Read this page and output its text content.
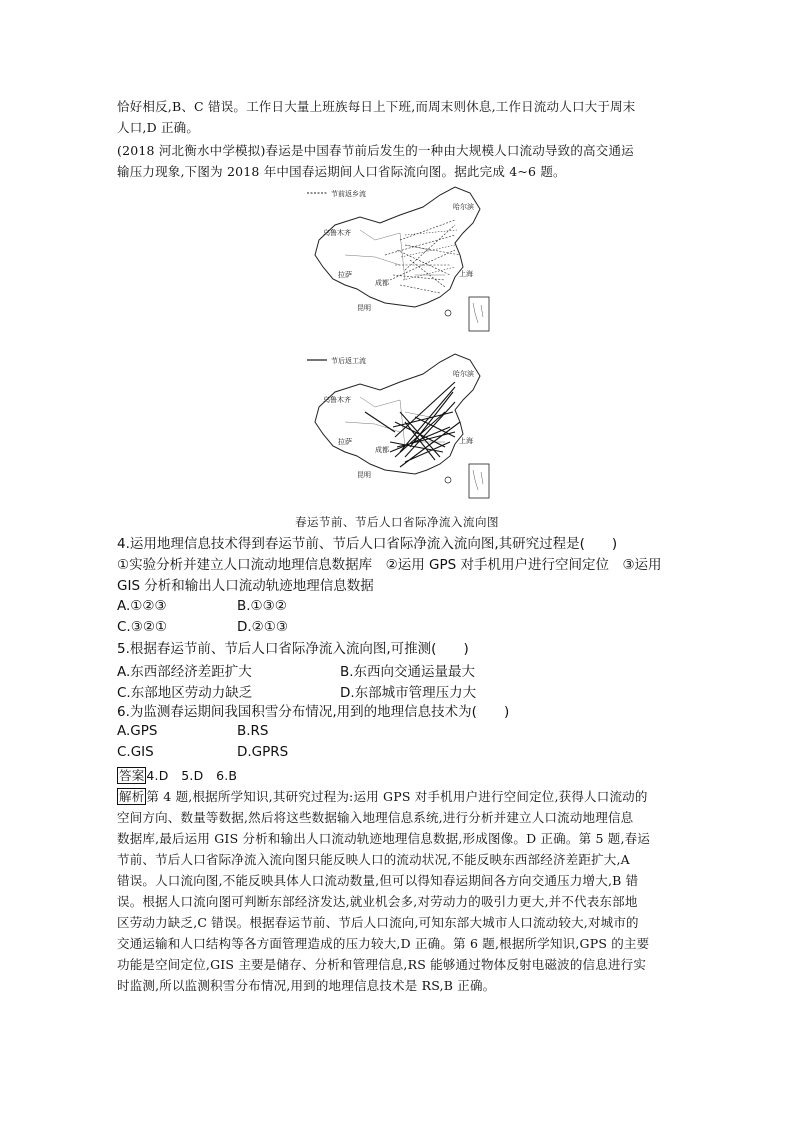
恰好相反,B、C 错误。工作日大量上班族每日上下班,而周末则休息,工作日流动人口大于周末
人口,D 正确。
(2018 河北衡水中学模拟)春运是中国春节前后发生的一种由大规模人口流动导致的高交通运
输压力现象,下图为 2018 年中国春运期间人口省际流向图。据此完成 4~6 题。
节前返乡流
哈尔滨
乌鲁木齐
拉萨
成都
上海
昆明
节后返工流
哈尔滨
乌鲁木齐
拉萨
成都
上海
昆明
春运节前、节后人口省际净流入流向图
4.运用地理信息技术得到春运节前、节后人口省际净流入流向图,其研究过程是(　　)
①实验分析并建立人口流动地理信息数据库　②运用 GPS 对手机用户进行空间定位　③运用
GIS 分析和输出人口流动轨迹地理信息数据
A.①②③	B.①③②
C.③②①	D.②①③
5.根据春运节前、节后人口省际净流入流向图,可推测(　　)
A.东西部经济差距扩大	B.东西向交通运量最大
C.东部地区劳动力缺乏	D.东部城市管理压力大
6.为监测春运期间我国积雪分布情况,用到的地理信息技术为(　　)
A.GPS	B.RS
C.GIS	D.GPRS
答案 4.D　5.D　6.B
解析 第 4 题,根据所学知识,其研究过程为:运用 GPS 对手机用户进行空间定位,获得人口流动的
空间方向、数量等数据,然后将这些数据输入地理信息系统,进行分析并建立人口流动地理信息
数据库,最后运用 GIS 分析和输出人口流动轨迹地理信息数据,形成图像。D 正确。第 5 题,春运
节前、节后人口省际净流入流向图只能反映人口的流动状况,不能反映东西部经济差距扩大,A
错误。人口流向图,不能反映具体人口流动数量,但可以得知春运期间各方向交通压力增大,B 错
误。根据人口流向图可判断东部经济发达,就业机会多,对劳动力的吸引力更大,并不代表东部地
区劳动力缺乏,C 错误。根据春运节前、节后人口流向,可知东部大城市人口流动较大,对城市的
交通运输和人口结构等各方面管理造成的压力较大,D 正确。第 6 题,根据所学知识,GPS 的主要
功能是空间定位,GIS 主要是储存、分析和管理信息,RS 能够通过物体反射电磁波的信息进行实
时监测,所以监测积雪分布情况,用到的地理信息技术是 RS,B 正确。
